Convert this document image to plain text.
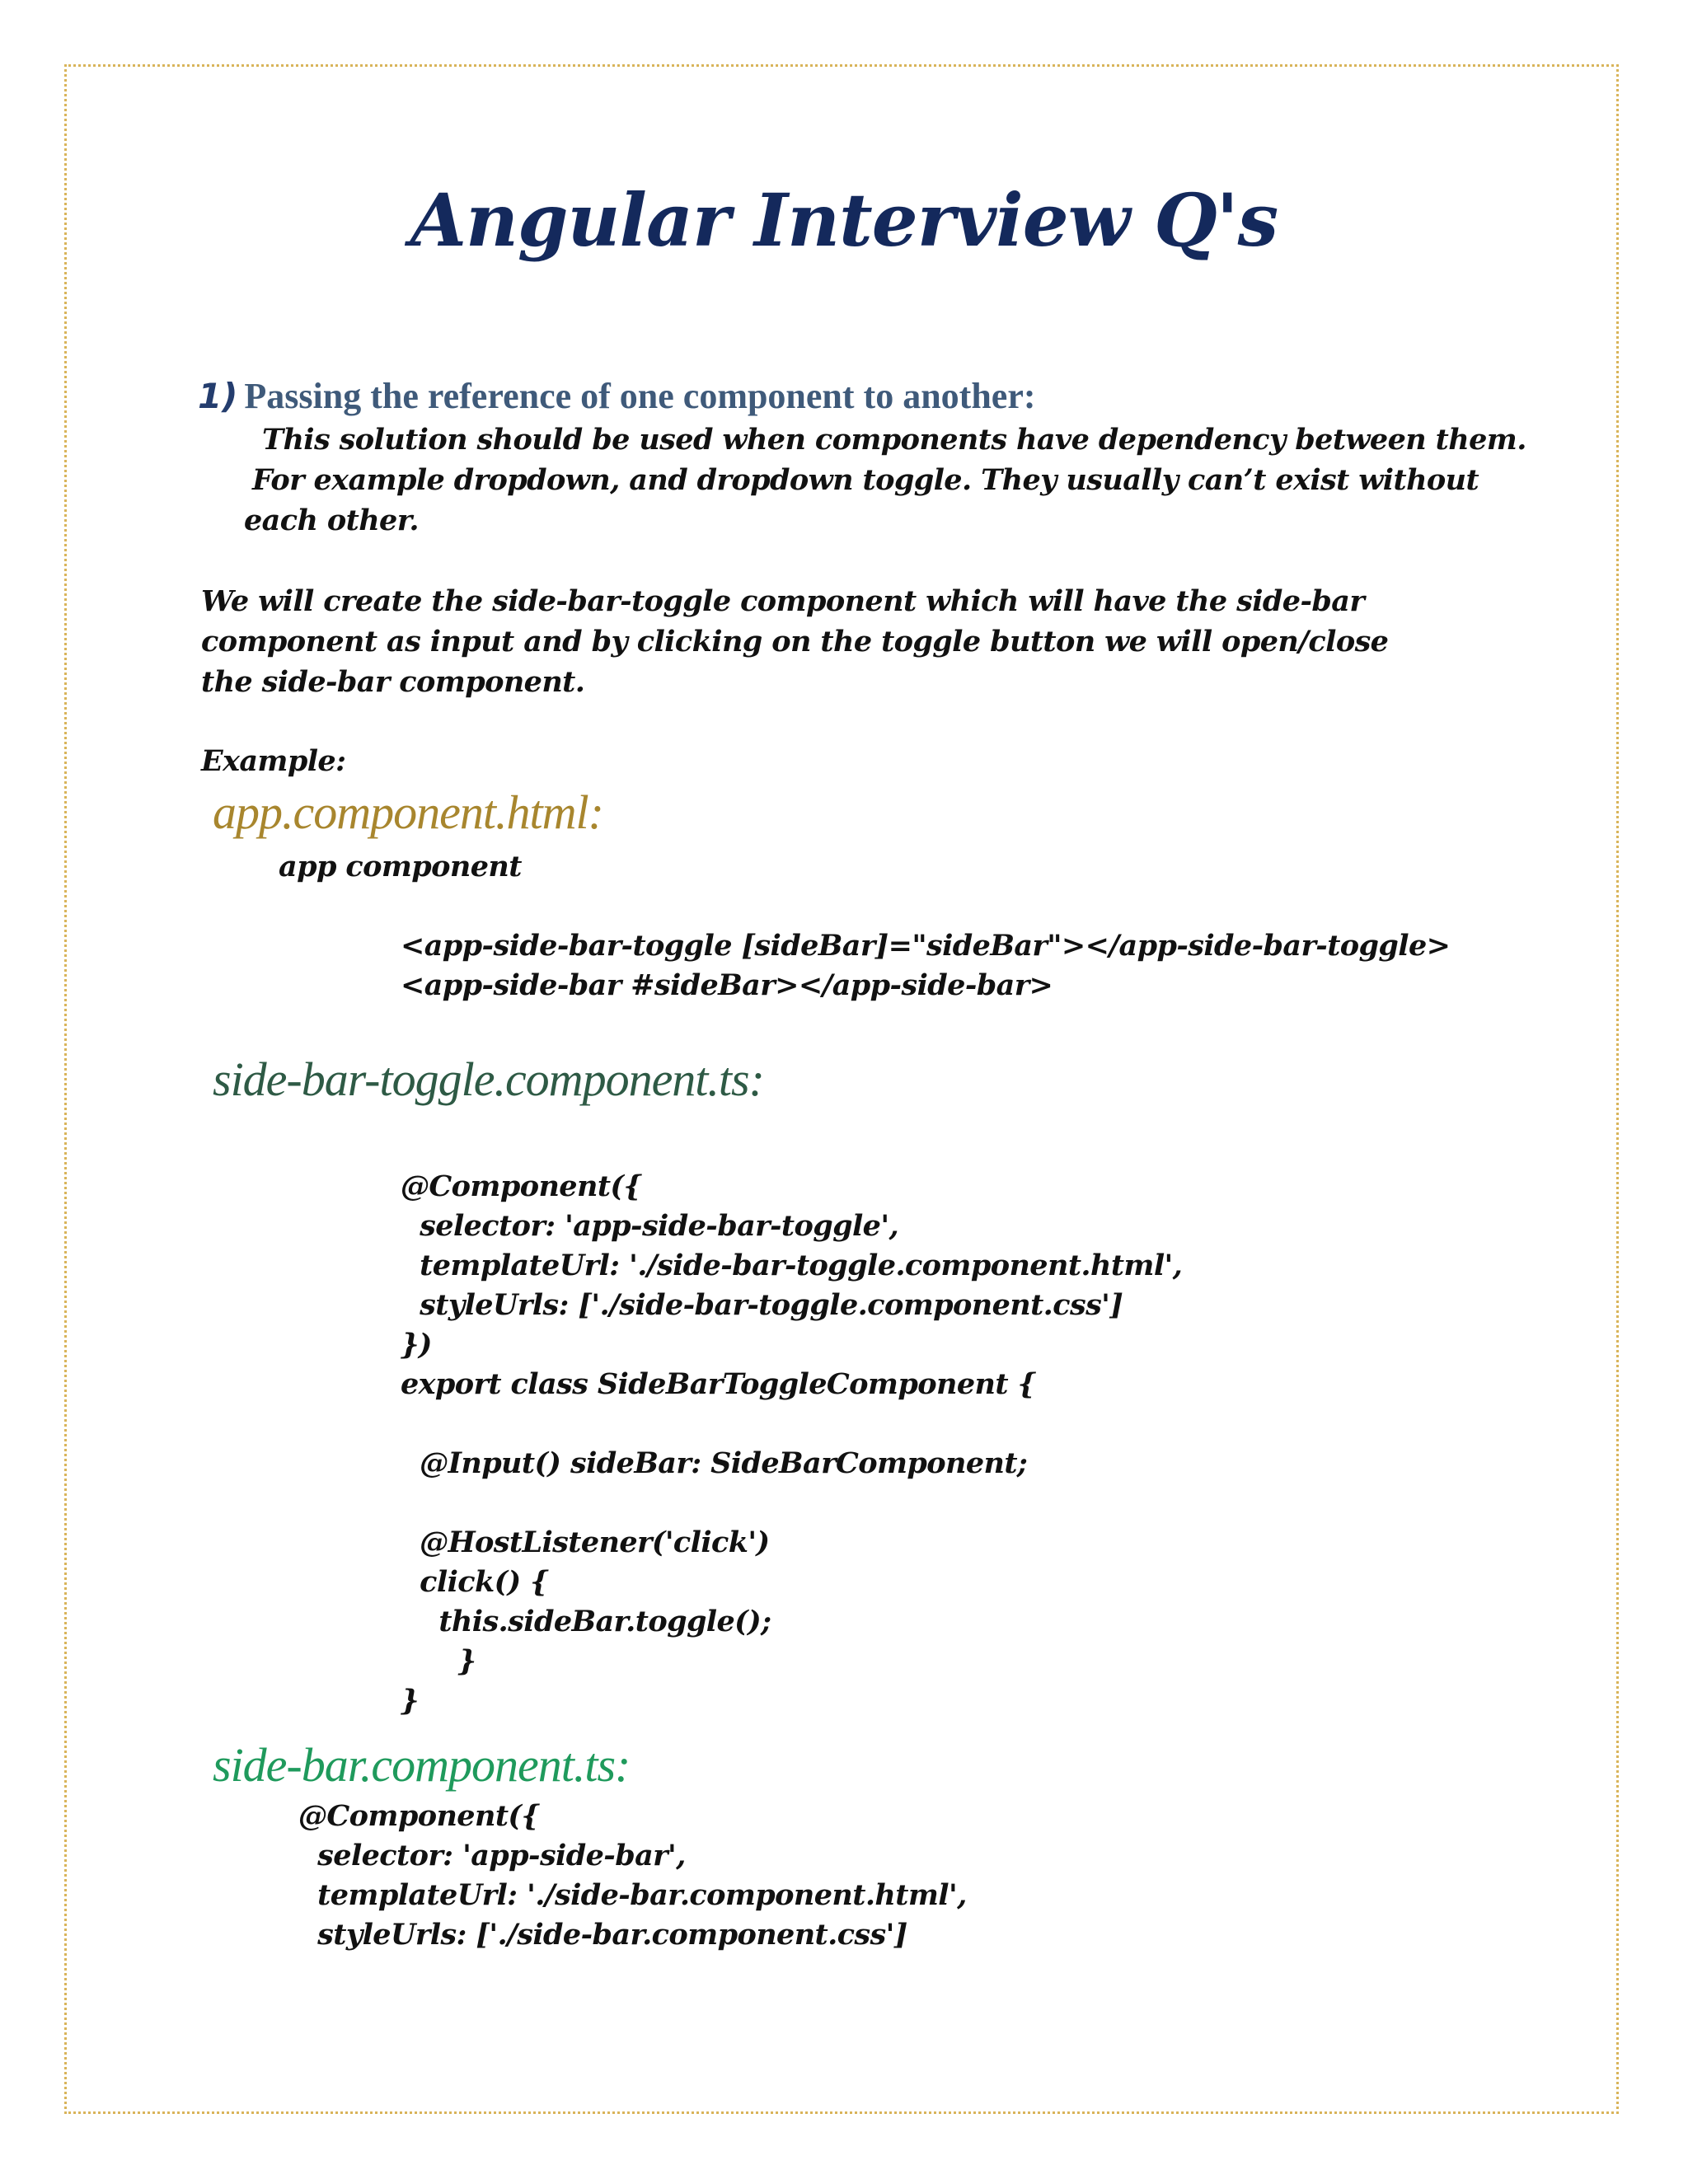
Angular Interview Q's
1) Passing the reference of one component to another:
This solution should be used when components have dependency between them.
For example dropdown, and dropdown toggle. They usually can’t exist without
each other.
We will create the side-bar-toggle component which will have the side-bar
component as input and by clicking on the toggle button we will open/close
the side-bar component.
Example:
app.component.html:
app component
<app-side-bar-toggle [sideBar]="sideBar"></app-side-bar-toggle>
<app-side-bar #sideBar></app-side-bar>
side-bar-toggle.component.ts:
@Component({
selector: 'app-side-bar-toggle',
templateUrl: './side-bar-toggle.component.html',
styleUrls: ['./side-bar-toggle.component.css']
})
export class SideBarToggleComponent {
@Input() sideBar: SideBarComponent;
@HostListener('click')
click() {
this.sideBar.toggle();
}
}
side-bar.component.ts:
@Component({
selector: 'app-side-bar',
templateUrl: './side-bar.component.html',
styleUrls: ['./side-bar.component.css']
